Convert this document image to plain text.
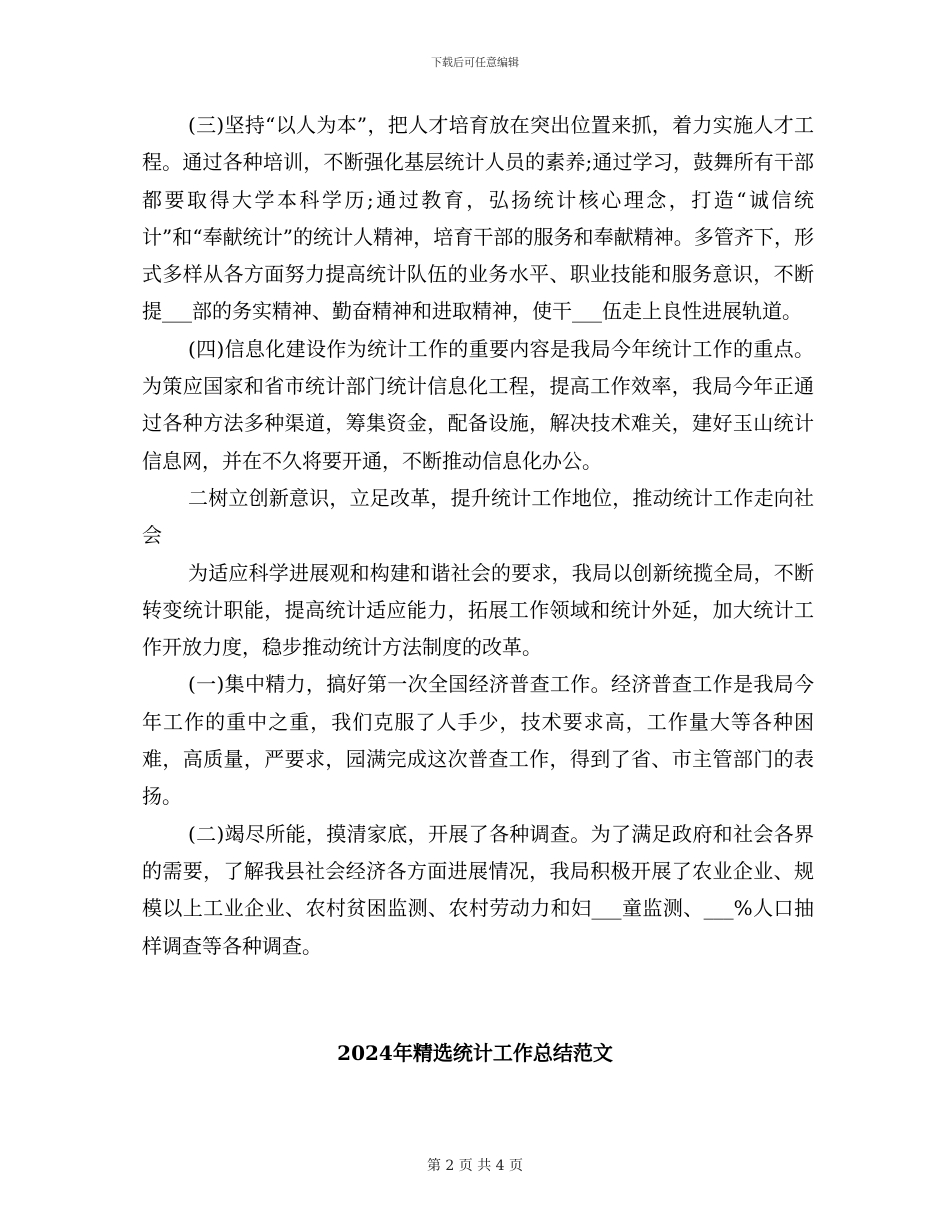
下载后可任意编辑

(三)坚持“以人为本”，把人才培育放在突出位置来抓，着力实施人才工程。通过各种培训，不断强化基层统计人员的素养;通过学习，鼓舞所有干部都要取得大学本科学历;通过教育，弘扬统计核心理念，打造“诚信统计”和“奉献统计”的统计人精神，培育干部的服务和奉献精神。多管齐下，形式多样从各方面努力提高统计队伍的业务水平、职业技能和服务意识，不断提___部的务实精神、勤奋精神和进取精神，使干___伍走上良性进展轨道。

(四)信息化建设作为统计工作的重要内容是我局今年统计工作的重点。为策应国家和省市统计部门统计信息化工程，提高工作效率，我局今年正通过各种方法多种渠道，筹集资金，配备设施，解决技术难关，建好玉山统计信息网，并在不久将要开通，不断推动信息化办公。

二树立创新意识，立足改革，提升统计工作地位，推动统计工作走向社会

为适应科学进展观和构建和谐社会的要求，我局以创新统揽全局，不断转变统计职能，提高统计适应能力，拓展工作领域和统计外延，加大统计工作开放力度，稳步推动统计方法制度的改革。

(一)集中精力，搞好第一次全国经济普查工作。经济普查工作是我局今年工作的重中之重，我们克服了人手少，技术要求高，工作量大等各种困难，高质量，严要求，园满完成这次普查工作，得到了省、市主管部门的表扬。

(二)竭尽所能，摸清家底，开展了各种调查。为了满足政府和社会各界的需要，了解我县社会经济各方面进展情况，我局积极开展了农业企业、规模以上工业企业、农村贫困监测、农村劳动力和妇___童监测、___%人口抽样调查等各种调查。

2024年精选统计工作总结范文
第 2 页 共 4 页
